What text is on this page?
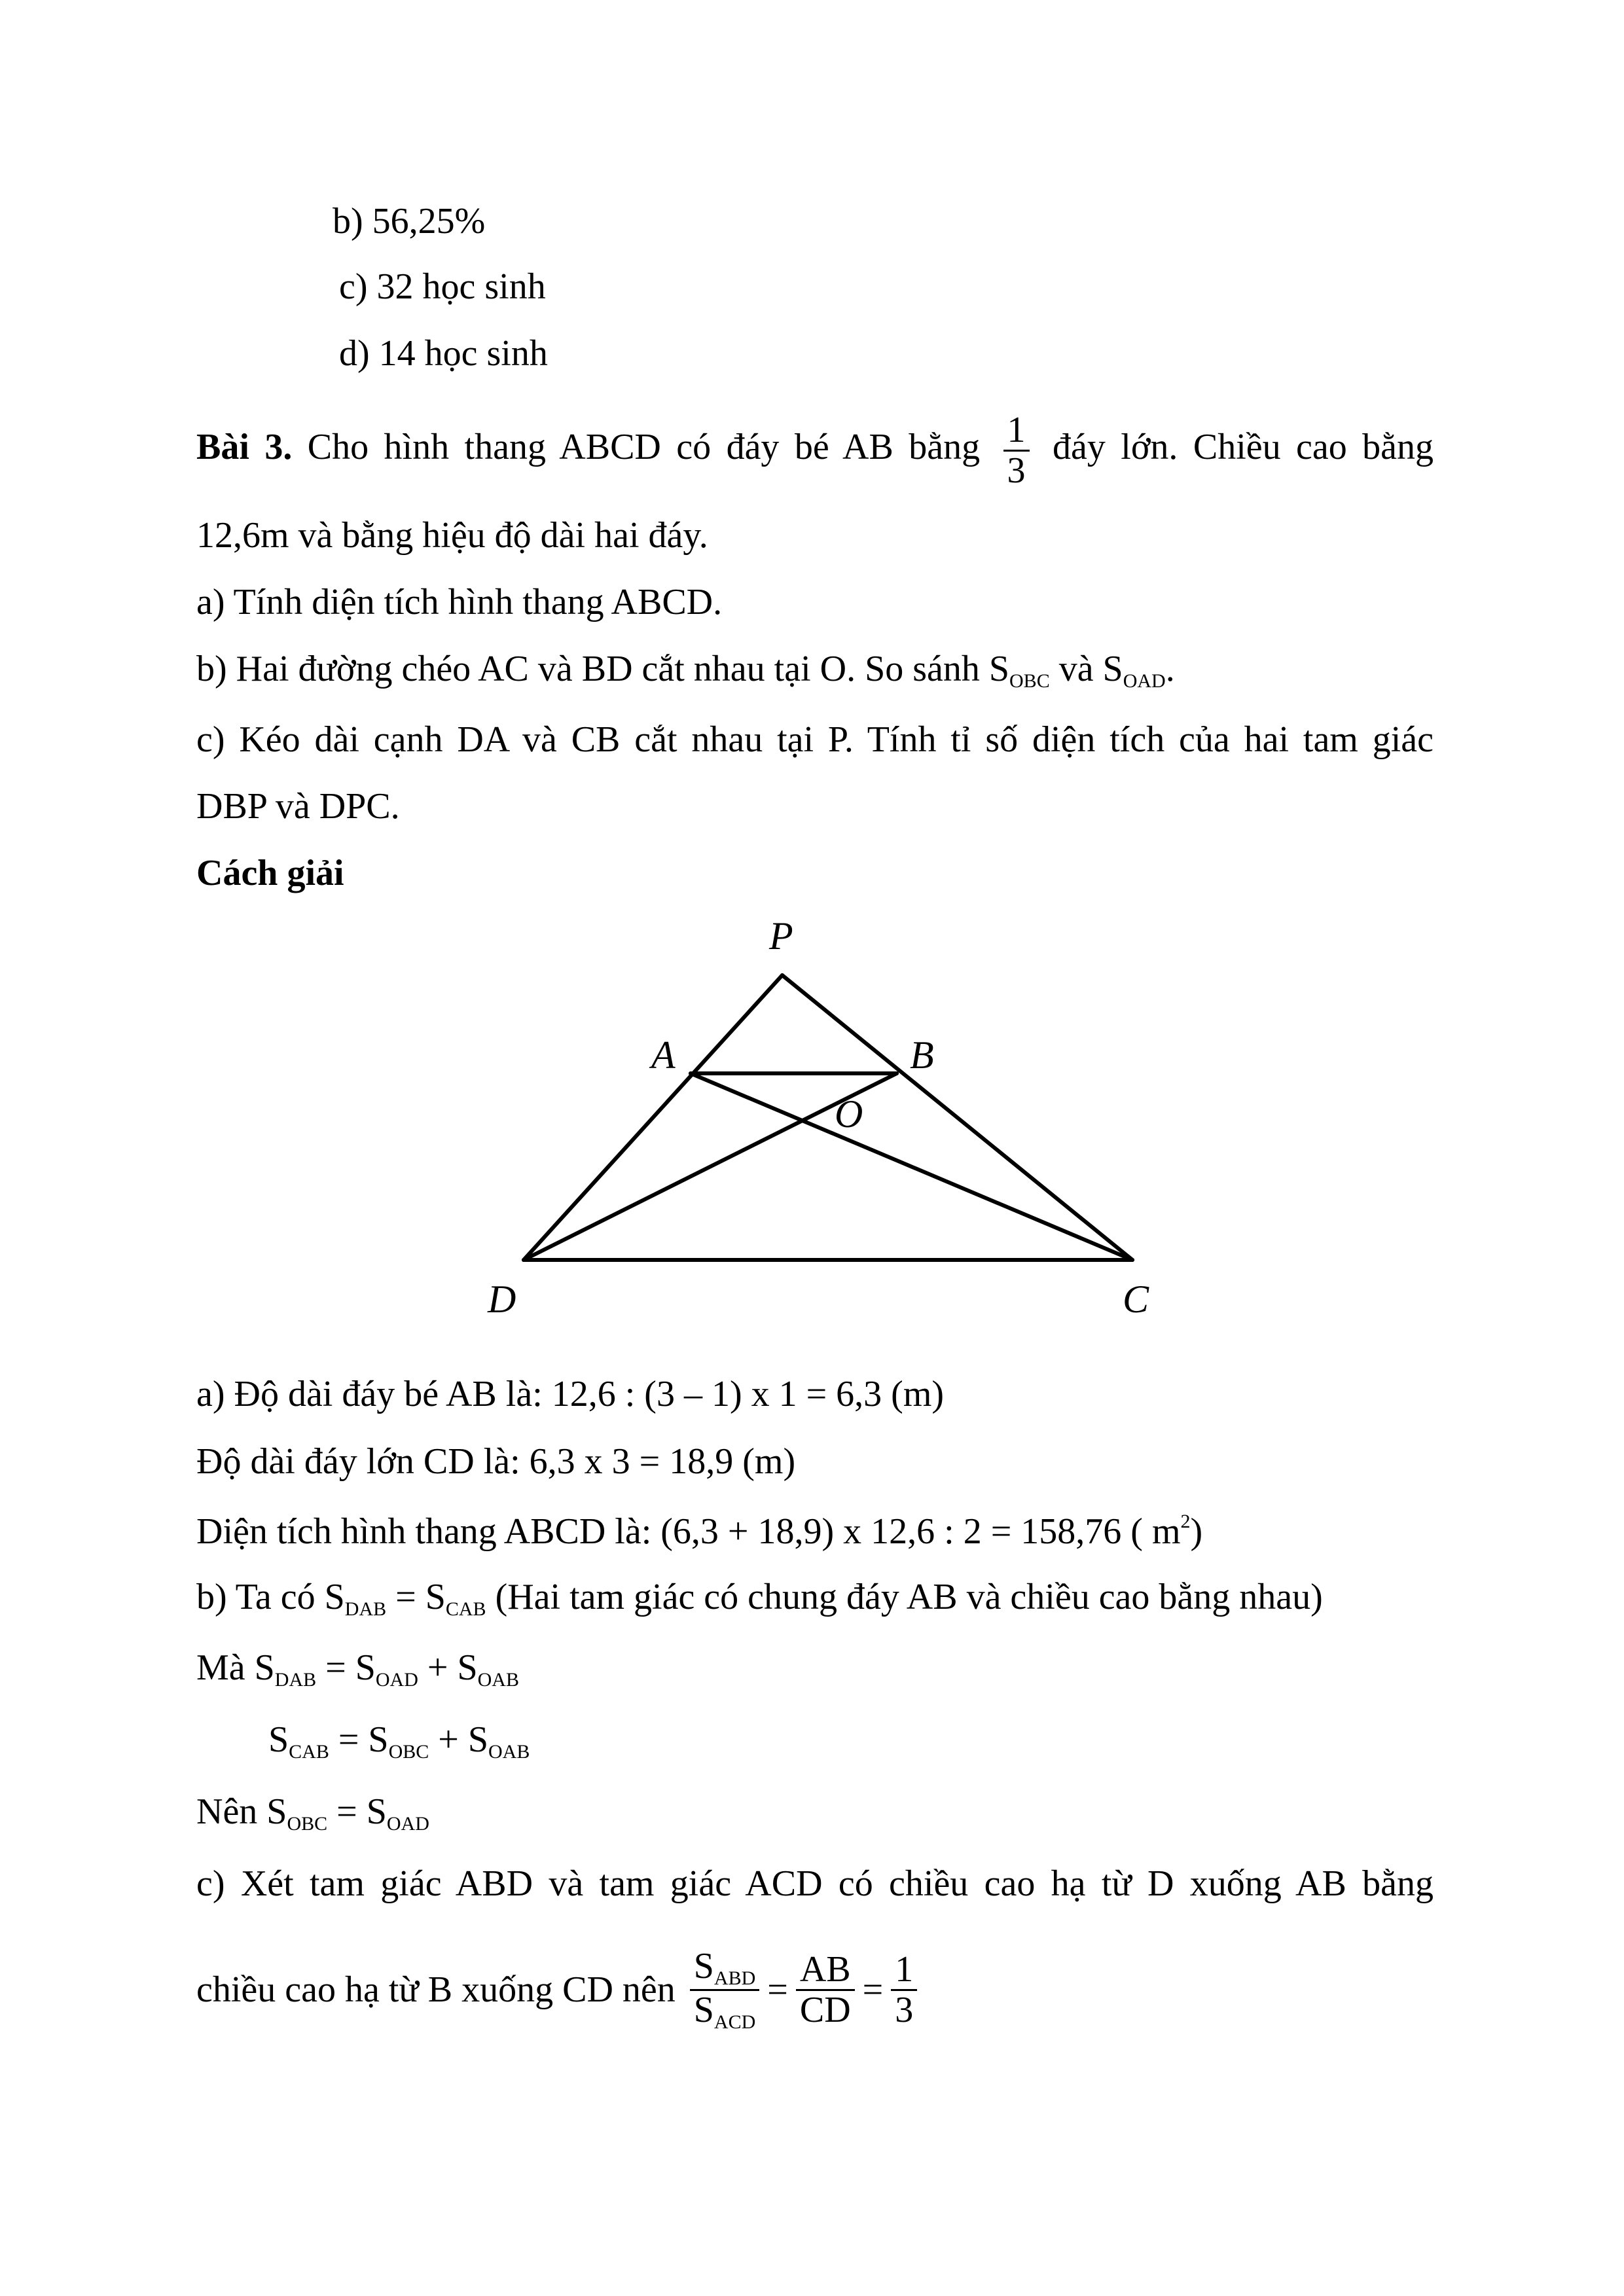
b) 56,25%
c) 32 học sinh
d) 14 học sinh
Bài 3. Cho hình thang ABCD có đáy bé AB bằng $\frac{1}{3}$ đáy lớn. Chiều cao bằng
12,6m và bằng hiệu độ dài hai đáy.
a) Tính diện tích hình thang ABCD.
b) Hai đường chéo AC và BD cắt nhau tại O. So sánh $S_{OBC}$ và $S_{OAD}$.
c) Kéo dài cạnh DA và CB cắt nhau tại P. Tính tỉ số diện tích của hai tam giác
DBP và DPC.
Cách giải
P
A	B
O
D	C
a) Độ dài đáy bé AB là: 12,6 : (3 – 1) x 1 = 6,3 (m)
Độ dài đáy lớn CD là: 6,3 x 3 = 18,9 (m)
Diện tích hình thang ABCD là: (6,3 + 18,9) x 12,6 : 2 = 158,76 ( $m^2$)
b) Ta có $S_{DAB} = S_{CAB}$ (Hai tam giác có chung đáy AB và chiều cao bằng nhau)
Mà $S_{DAB} = S_{OAD} + S_{OAB}$
$S_{CAB} = S_{OBC} + S_{OAB}$
Nên $S_{OBC} = S_{OAD}$
c) Xét tam giác ABD và tam giác ACD có chiều cao hạ từ D xuống AB bằng
chiều cao hạ từ B xuống CD nên $\frac{S_{ABD}}{S_{ACD}} = \frac{AB}{CD} = \frac{1}{3}$
